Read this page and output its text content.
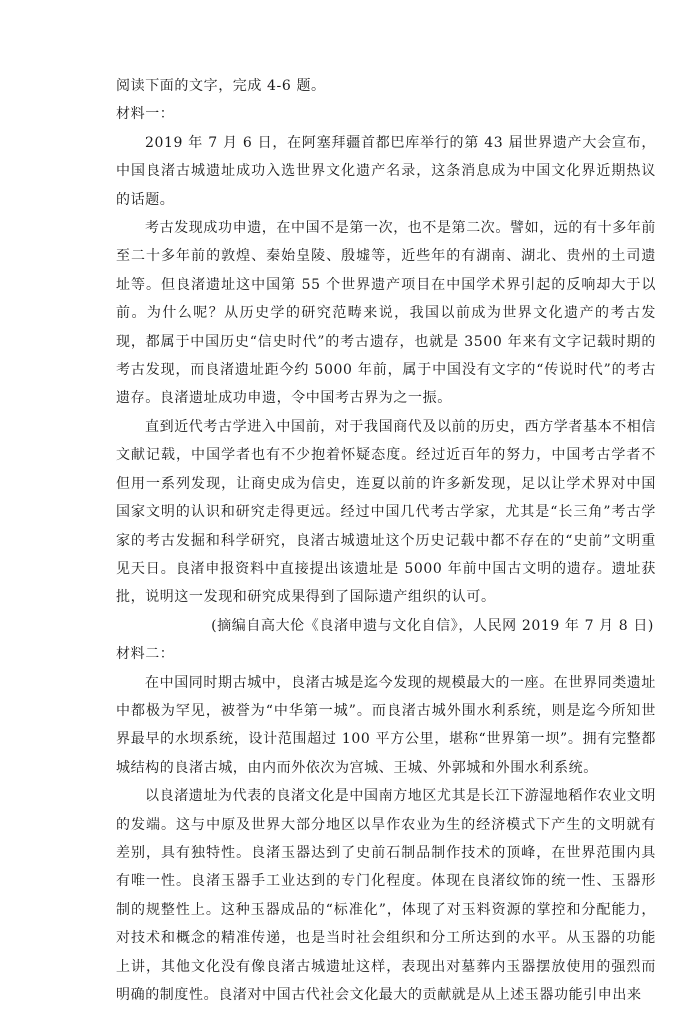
阅读下面的文字，完成 4-6 题。

材料一：

2019 年 7 月 6 日，在阿塞拜疆首都巴库举行的第 43 届世界遗产大会宣布，中国良渚古城遗址成功入选世界文化遗产名录，这条消息成为中国文化界近期热议的话题。

考古发现成功申遗，在中国不是第一次，也不是第二次。譬如，远的有十多年前至二十多年前的敦煌、秦始皇陵、殷墟等，近些年的有湖南、湖北、贵州的土司遗址等。但良渚遗址这中国第 55 个世界遗产项目在中国学术界引起的反响却大于以前。为什么呢？从历史学的研究范畴来说，我国以前成为世界文化遗产的考古发现，都属于中国历史“信史时代”的考古遗存，也就是 3500 年来有文字记载时期的考古发现，而良渚遗址距今约 5000 年前，属于中国没有文字的“传说时代”的考古遗存。良渚遗址成功申遗，令中国考古界为之一振。

直到近代考古学进入中国前，对于我国商代及以前的历史，西方学者基本不相信文献记载，中国学者也有不少抱着怀疑态度。经过近百年的努力，中国考古学者不但用一系列发现，让商史成为信史，连夏以前的许多新发现，足以让学术界对中国国家文明的认识和研究走得更远。经过中国几代考古学家，尤其是“长三角”考古学家的考古发掘和科学研究，良渚古城遗址这个历史记载中都不存在的“史前”文明重见天日。良渚申报资料中直接提出该遗址是 5000 年前中国古文明的遗存。遗址获批，说明这一发现和研究成果得到了国际遗产组织的认可。

(摘编自高大伦《良渚申遗与文化自信》，人民网 2019 年 7 月 8 日)

材料二：

在中国同时期古城中，良渚古城是迄今发现的规模最大的一座。在世界同类遗址中都极为罕见，被誉为“中华第一城”。而良渚古城外围水利系统，则是迄今所知世界最早的水坝系统，设计范围超过 100 平方公里，堪称“世界第一坝”。拥有完整都城结构的良渚古城，由内而外依次为宫城、王城、外郭城和外围水利系统。

以良渚遗址为代表的良渚文化是中国南方地区尤其是长江下游湿地稻作农业文明的发端。这与中原及世界大部分地区以旱作农业为生的经济模式下产生的文明就有差别，具有独特性。良渚玉器达到了史前石制品制作技术的顶峰，在世界范围内具有唯一性。良渚玉器手工业达到的专门化程度。体现在良渚纹饰的统一性、玉器形制的规整性上。这种玉器成品的“标准化”，体现了对玉料资源的掌控和分配能力，对技术和概念的精准传递，也是当时社会组织和分工所达到的水平。从玉器的功能上讲，其他文化没有像良渚古城遗址这样，表现出对墓葬内玉器摆放使用的强烈而明确的制度性。良渚对中国古代社会文化最大的贡献就是从上述玉器功能引申出来
